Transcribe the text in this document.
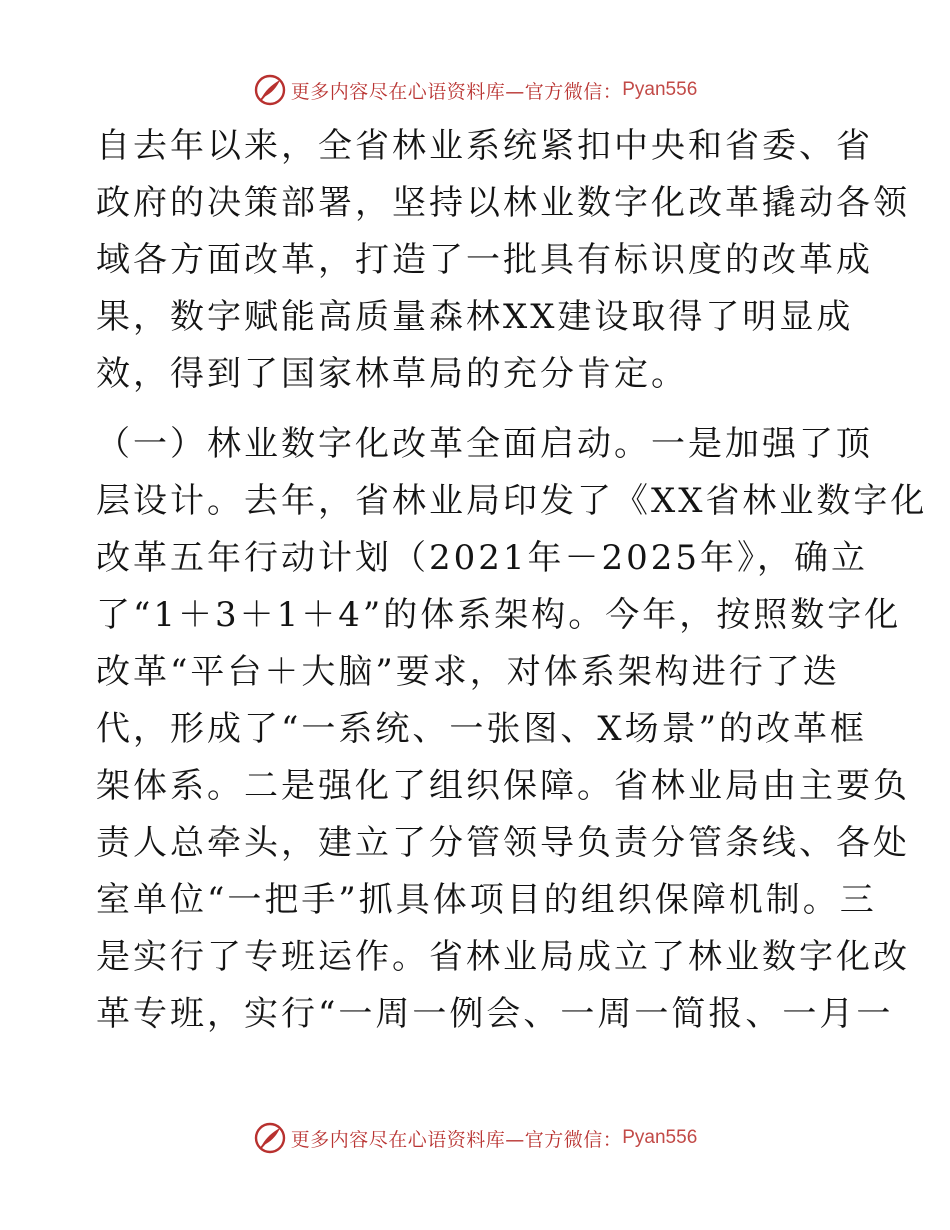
更多内容尽在心语资料库—官方微信： Pyan556

自去年以来，全省林业系统紧扣中央和省委、省
政府的决策部署，坚持以林业数字化改革撬动各领
域各方面改革，打造了一批具有标识度的改革成
果，数字赋能高质量森林XX建设取得了明显成
效，得到了国家林草局的充分肯定。

（一）林业数字化改革全面启动。一是加强了顶
层设计。去年，省林业局印发了《XX省林业数字化
改革五年行动计划（2021年－2025年》，确立
了“1＋3＋1＋4”的体系架构。今年，按照数字化
改革“平台＋大脑”要求，对体系架构进行了迭
代，形成了“一系统、一张图、X场景”的改革框
架体系。二是强化了组织保障。省林业局由主要负
责人总牵头，建立了分管领导负责分管条线、各处
室单位“一把手”抓具体项目的组织保障机制。三
是实行了专班运作。省林业局成立了林业数字化改
革专班，实行“一周一例会、一周一简报、一月一

更多内容尽在心语资料库—官方微信： Pyan556
